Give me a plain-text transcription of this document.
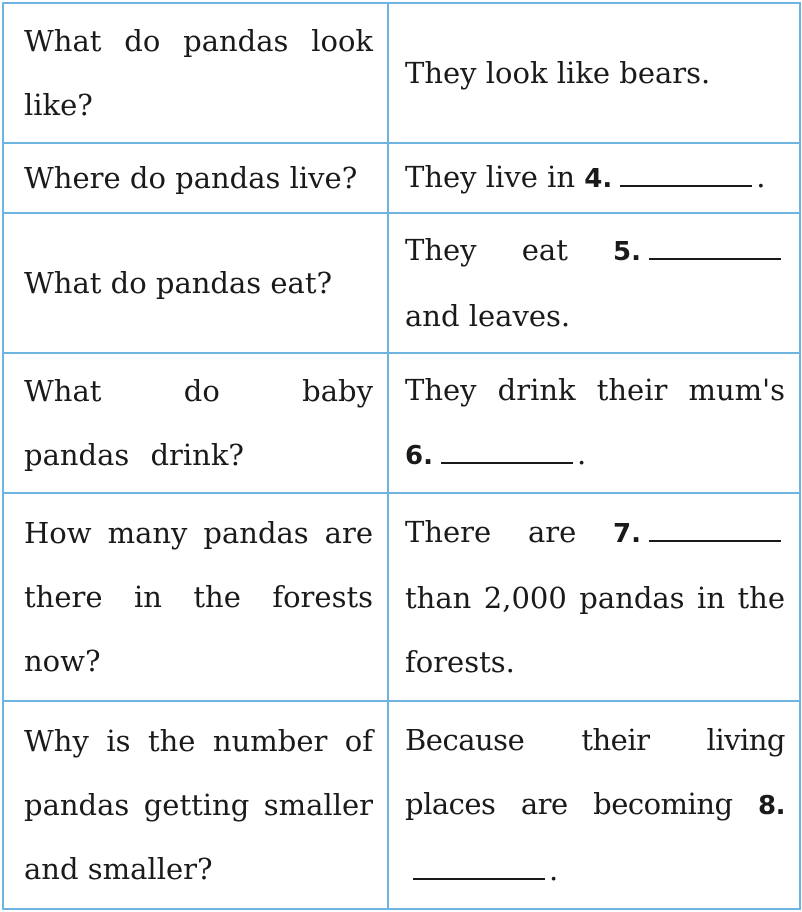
What do pandas look like?	They look like bears.
Where do pandas live?	They live in 4. .
What do pandas eat?	They eat 5. and leaves.
What do baby pandas drink?	They drink their mum's 6. .
How many pandas are there in the forests now?	There are 7. than 2,000 pandas in the forests.
Why is the number of pandas getting smaller and smaller?	Because their living places are becoming 8..
